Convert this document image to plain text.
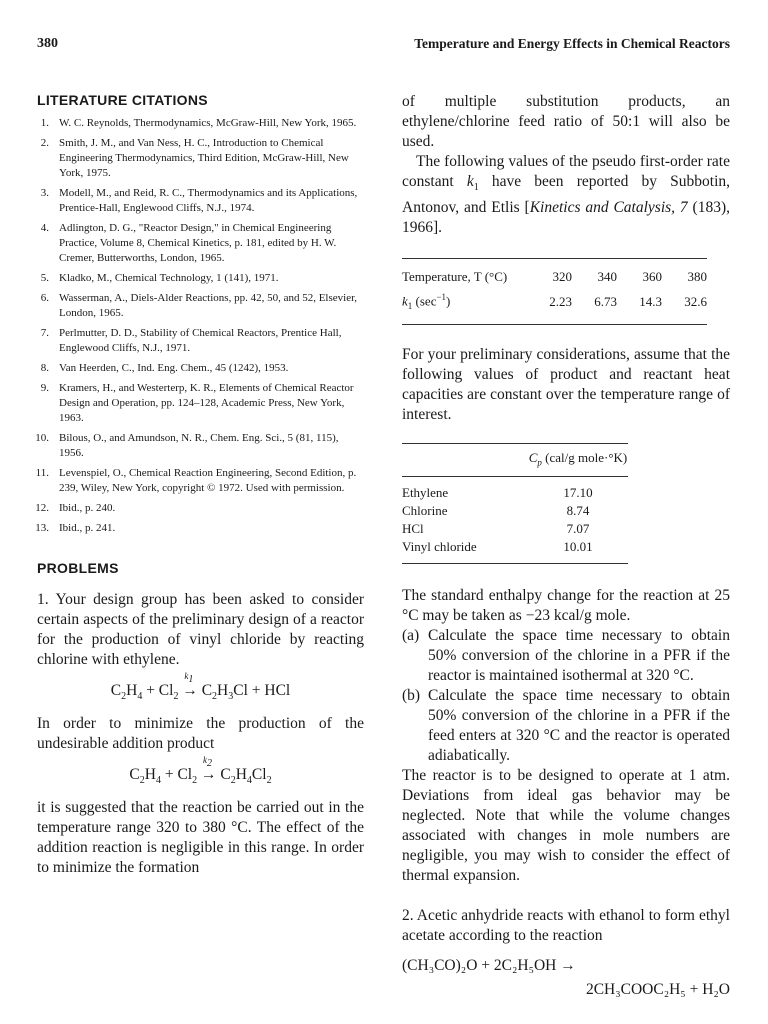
380	Temperature and Energy Effects in Chemical Reactors
LITERATURE CITATIONS
1. W. C. Reynolds, Thermodynamics, McGraw-Hill, New York, 1965.
2. Smith, J. M., and Van Ness, H. C., Introduction to Chemical Engineering Thermodynamics, Third Edition, McGraw-Hill, New York, 1975.
3. Modell, M., and Reid, R. C., Thermodynamics and its Applications, Prentice-Hall, Englewood Cliffs, N.J., 1974.
4. Adlington, D. G., "Reactor Design," in Chemical Engineering Practice, Volume 8, Chemical Kinetics, p. 181, edited by H. W. Cremer, Butterworths, London, 1965.
5. Kladko, M., Chemical Technology, 1 (141), 1971.
6. Wasserman, A., Diels-Alder Reactions, pp. 42, 50, and 52, Elsevier, London, 1965.
7. Perlmutter, D. D., Stability of Chemical Reactors, Prentice Hall, Englewood Cliffs, N.J., 1971.
8. Van Heerden, C., Ind. Eng. Chem., 45 (1242), 1953.
9. Kramers, H., and Westerterp, K. R., Elements of Chemical Reactor Design and Operation, pp. 124–128, Academic Press, New York, 1963.
10. Bilous, O., and Amundson, N. R., Chem. Eng. Sci., 5 (81, 115), 1956.
11. Levenspiel, O., Chemical Reaction Engineering, Second Edition, p. 239, Wiley, New York, copyright © 1972. Used with permission.
12. Ibid., p. 240.
13. Ibid., p. 241.
PROBLEMS

1. Your design group has been asked to consider certain aspects of the preliminary design of a reactor for the production of vinyl chloride by reacting chlorine with ethylene.

$C_2H_4 + Cl_2$
$k_1$
→ $C_2H_3Cl$ + HCl

In order to minimize the production of the undesirable addition product

$C_2H_4 + Cl_2$
$k_2$
→ $C_2H_4Cl_2$

it is suggested that the reaction be carried out in the temperature range 320 to 380 °C. The effect of the addition reaction is negligible in this range. In order to minimize the formation

of multiple substitution products, an ethylene/chlorine feed ratio of 50:1 will also be used.

The following values of the pseudo first-order rate constant $k_1$ have been reported by Subbotin, Antonov, and Etlis [Kinetics and Catalysis, 7 (183), 1966].

Temperature, T (°C)	320	340	360	380
$k_1$ $(\sec^{-1})$	2.23	6.73	14.3	32.6

For your preliminary considerations, assume that the following values of product and reactant heat capacities are constant over the temperature range of interest.

	$C_p$ (cal/g mole·°K)
Ethylene	17.10
Chlorine	8.74
HCl	7.07
Vinyl chloride	10.01

The standard enthalpy change for the reaction at 25 °C may be taken as −23 kcal/g mole.

(a) Calculate the space time necessary to obtain 50% conversion of the chlorine in a PFR if the reactor is maintained isothermal at 320 °C.
(b) Calculate the space time necessary to obtain 50% conversion of the chlorine in a PFR if the feed enters at 320 °C and the reactor is operated adiabatically.

The reactor is to be designed to operate at 1 atm. Deviations from ideal gas behavior may be neglected. Note that while the volume changes associated with changes in mole numbers are negligible, you may wish to consider the effect of thermal expansion.

2. Acetic anhydride reacts with ethanol to form ethyl acetate according to the reaction

(CH₃CO)₂O + 2C₂H₅OH →
2CH₃COOC₂H₅ + H₂O
